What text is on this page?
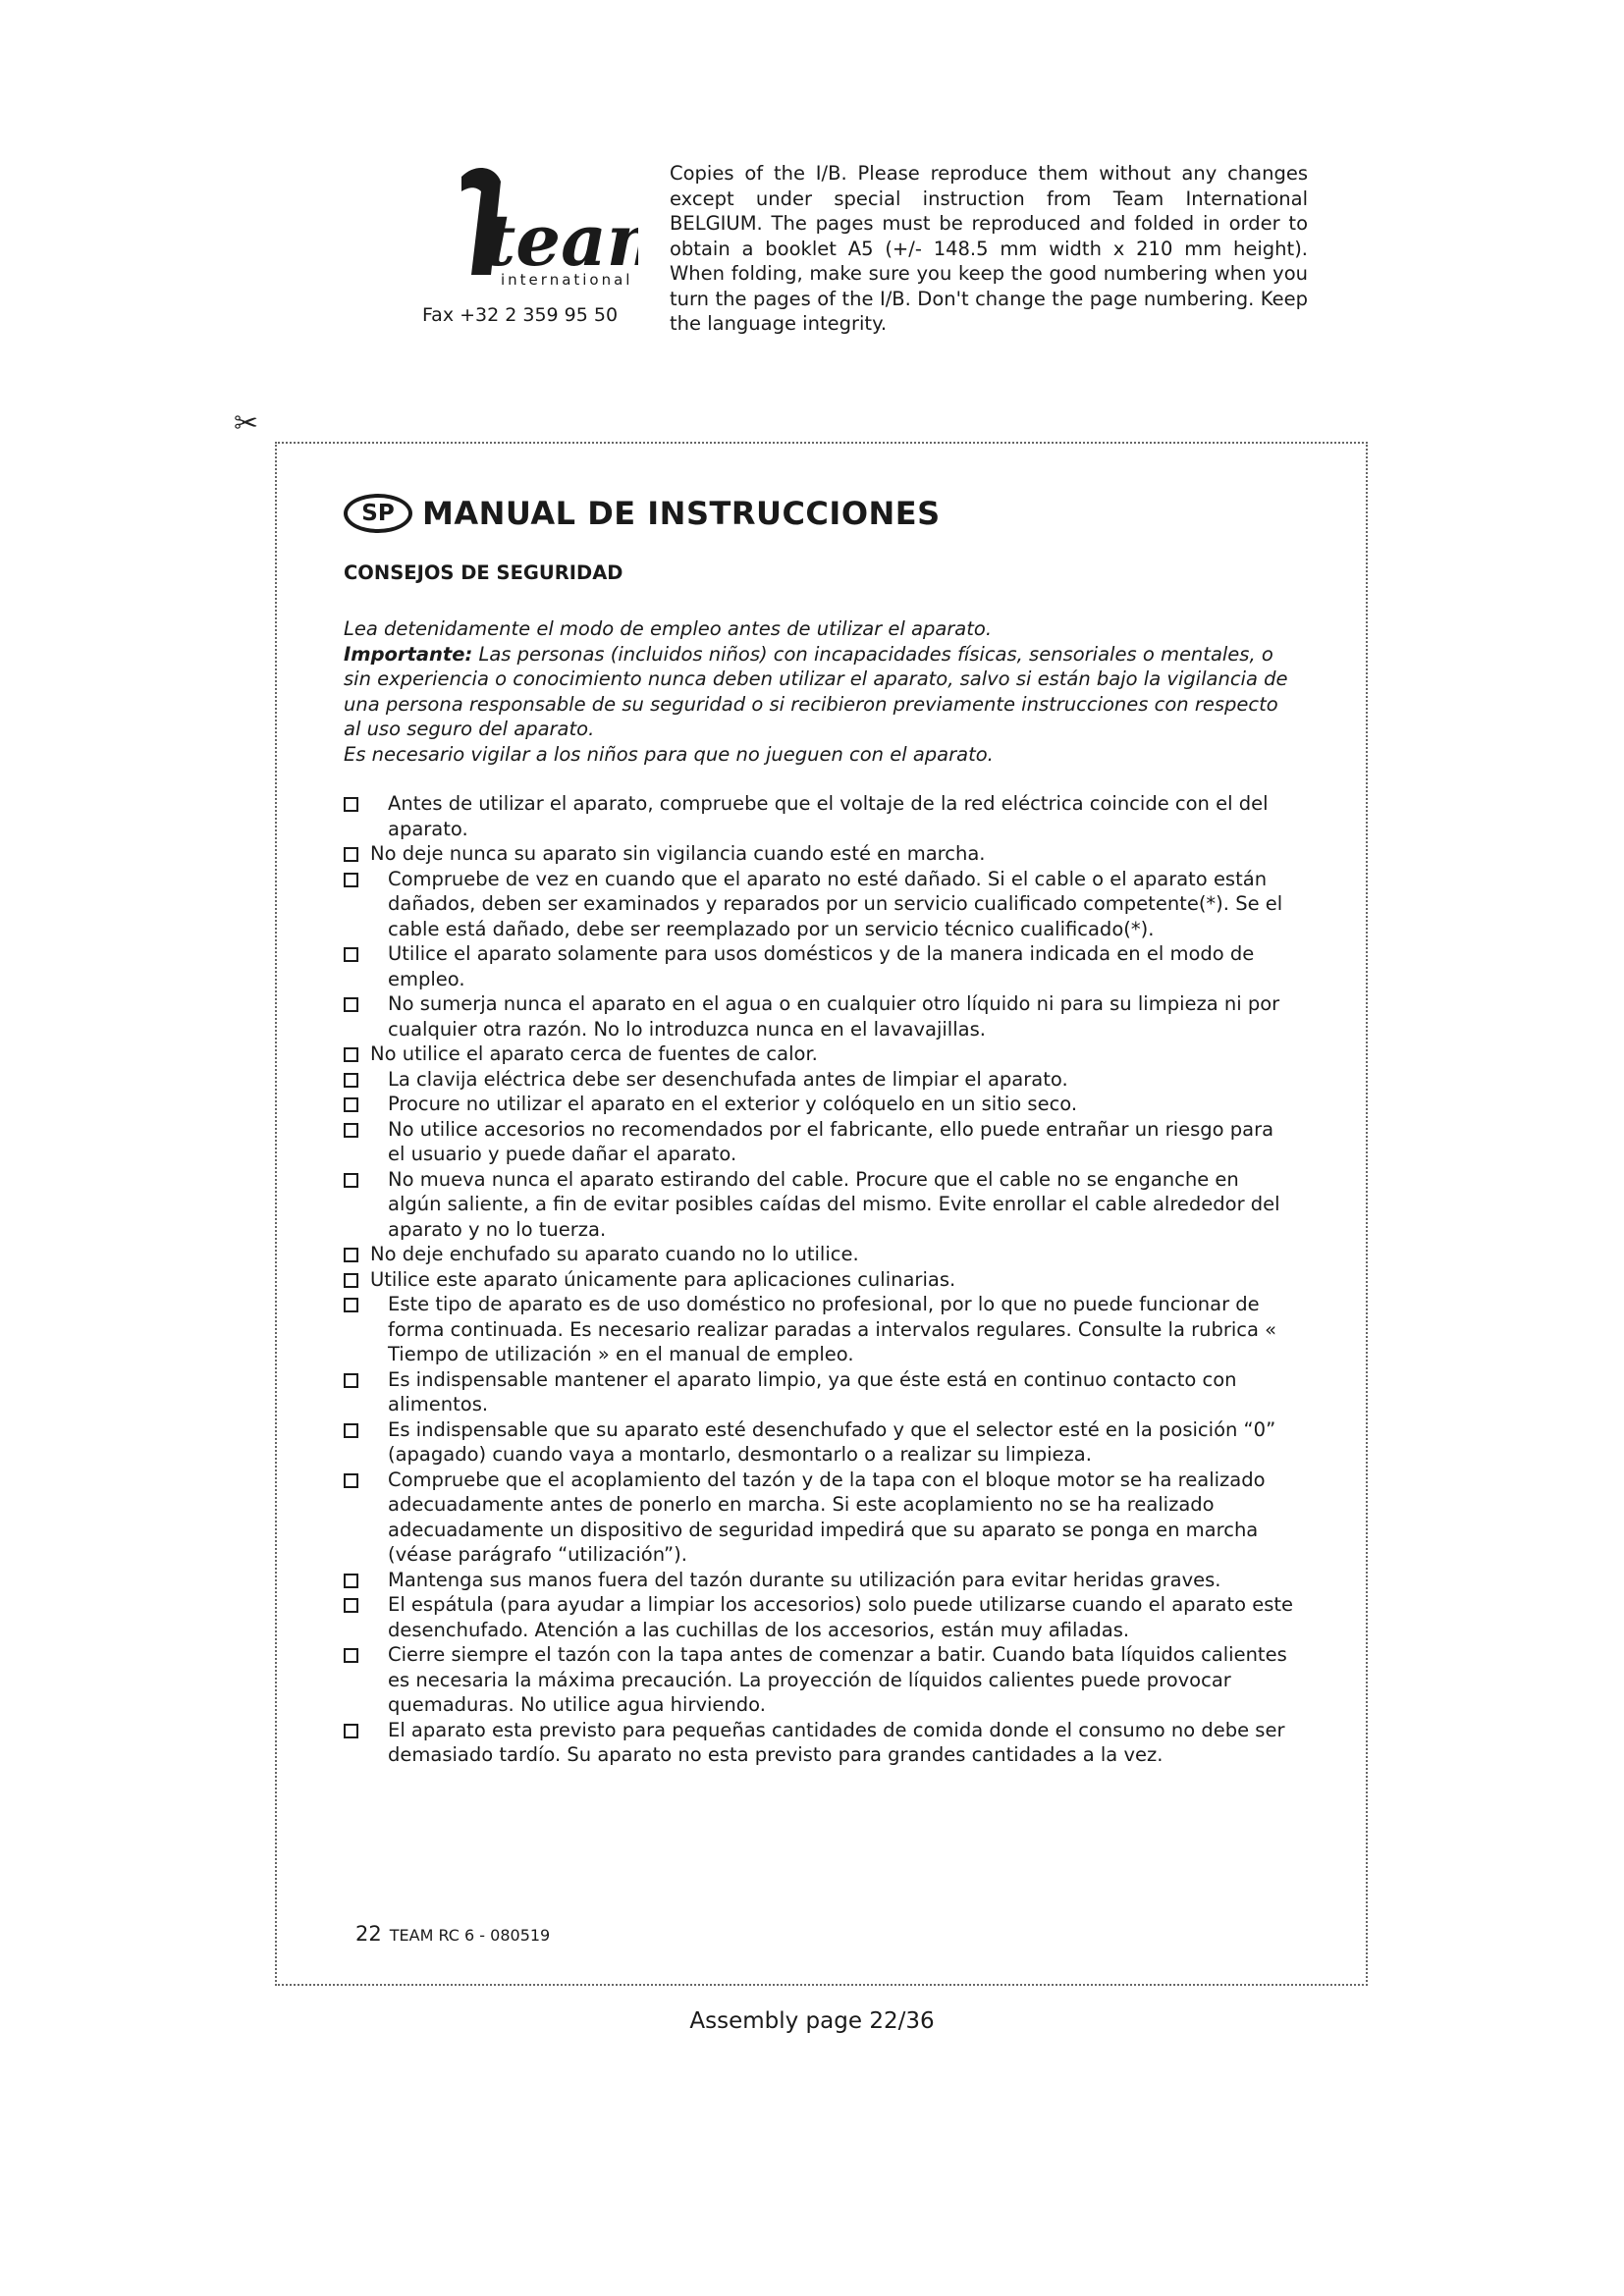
tea
international
Fax +32 2 359 95 50
Copies of the I/B. Please reproduce them without any changes except under special instruction from Team International BELGIUM. The pages must be reproduced and folded in order to obtain a booklet A5 (+/- 148.5 mm width x 210 mm height). When folding, make sure you keep the good numbering when you turn the pages of the I/B. Don't change the page numbering. Keep the language integrity.
✂
SP MANUAL DE INSTRUCCIONES
CONSEJOS DE SEGURIDAD

Lea detenidamente el modo de empleo antes de utilizar el aparato.

Importante: Las personas (incluidos niños) con incapacidades físicas, sensoriales o mentales, o sin experiencia o conocimiento nunca deben utilizar el aparato, salvo si están bajo la vigilancia de una persona responsable de su seguridad o si recibieron previamente instrucciones con respecto al uso seguro del aparato.

Es necesario vigilar a los niños para que no jueguen con el aparato.

Antes de utilizar el aparato, compruebe que el voltaje de la red eléctrica coincide con el del aparato.
No deje nunca su aparato sin vigilancia cuando esté en marcha.
Compruebe de vez en cuando que el aparato no esté dañado. Si el cable o el aparato están dañados, deben ser examinados y reparados por un servicio cualificado competente(*). Se el cable está dañado, debe ser reemplazado por un servicio técnico cualificado(*).
Utilice el aparato solamente para usos domésticos y de la manera indicada en el modo de empleo.
No sumerja nunca el aparato en el agua o en cualquier otro líquido ni para su limpieza ni por cualquier otra razón. No lo introduzca nunca en el lavavajillas.
No utilice el aparato cerca de fuentes de calor.
La clavija eléctrica debe ser desenchufada antes de limpiar el aparato.
Procure no utilizar el aparato en el exterior y colóquelo en un sitio seco.
No utilice accesorios no recomendados por el fabricante, ello puede entrañar un riesgo para el usuario y puede dañar el aparato.
No mueva nunca el aparato estirando del cable. Procure que el cable no se enganche en algún saliente, a fin de evitar posibles caídas del mismo. Evite enrollar el cable alrededor del aparato y no lo tuerza.
No deje enchufado su aparato cuando no lo utilice.
Utilice este aparato únicamente para aplicaciones culinarias.
Este tipo de aparato es de uso doméstico no profesional, por lo que no puede funcionar de forma continuada. Es necesario realizar paradas a intervalos regulares. Consulte la rubrica « Tiempo de utilización » en el manual de empleo.
Es indispensable mantener el aparato limpio, ya que éste está en continuo contacto con alimentos.
Es indispensable que su aparato esté desenchufado y que el selector esté en la posición “0” (apagado) cuando vaya a montarlo, desmontarlo o a realizar su limpieza.
Compruebe que el acoplamiento del tazón y de la tapa con el bloque motor se ha realizado adecuadamente antes de ponerlo en marcha. Si este acoplamiento no se ha realizado adecuadamente un dispositivo de seguridad impedirá que su aparato se ponga en marcha (véase parágrafo “utilización”).
Mantenga sus manos fuera del tazón durante su utilización para evitar heridas graves.
El espátula (para ayudar a limpiar los accesorios) solo puede utilizarse cuando el aparato este desenchufado. Atención a las cuchillas de los accesorios, están muy afiladas.
Cierre siempre el tazón con la tapa antes de comenzar a batir. Cuando bata líquidos calientes es necesaria la máxima precaución. La proyección de líquidos calientes puede provocar quemaduras. No utilice agua hirviendo.
El aparato esta previsto para pequeñas cantidades de comida donde el consumo no debe ser demasiado tardío. Su aparato no esta previsto para grandes cantidades a la vez.
22 TEAM RC 6 - 080519
Assembly page 22/36
